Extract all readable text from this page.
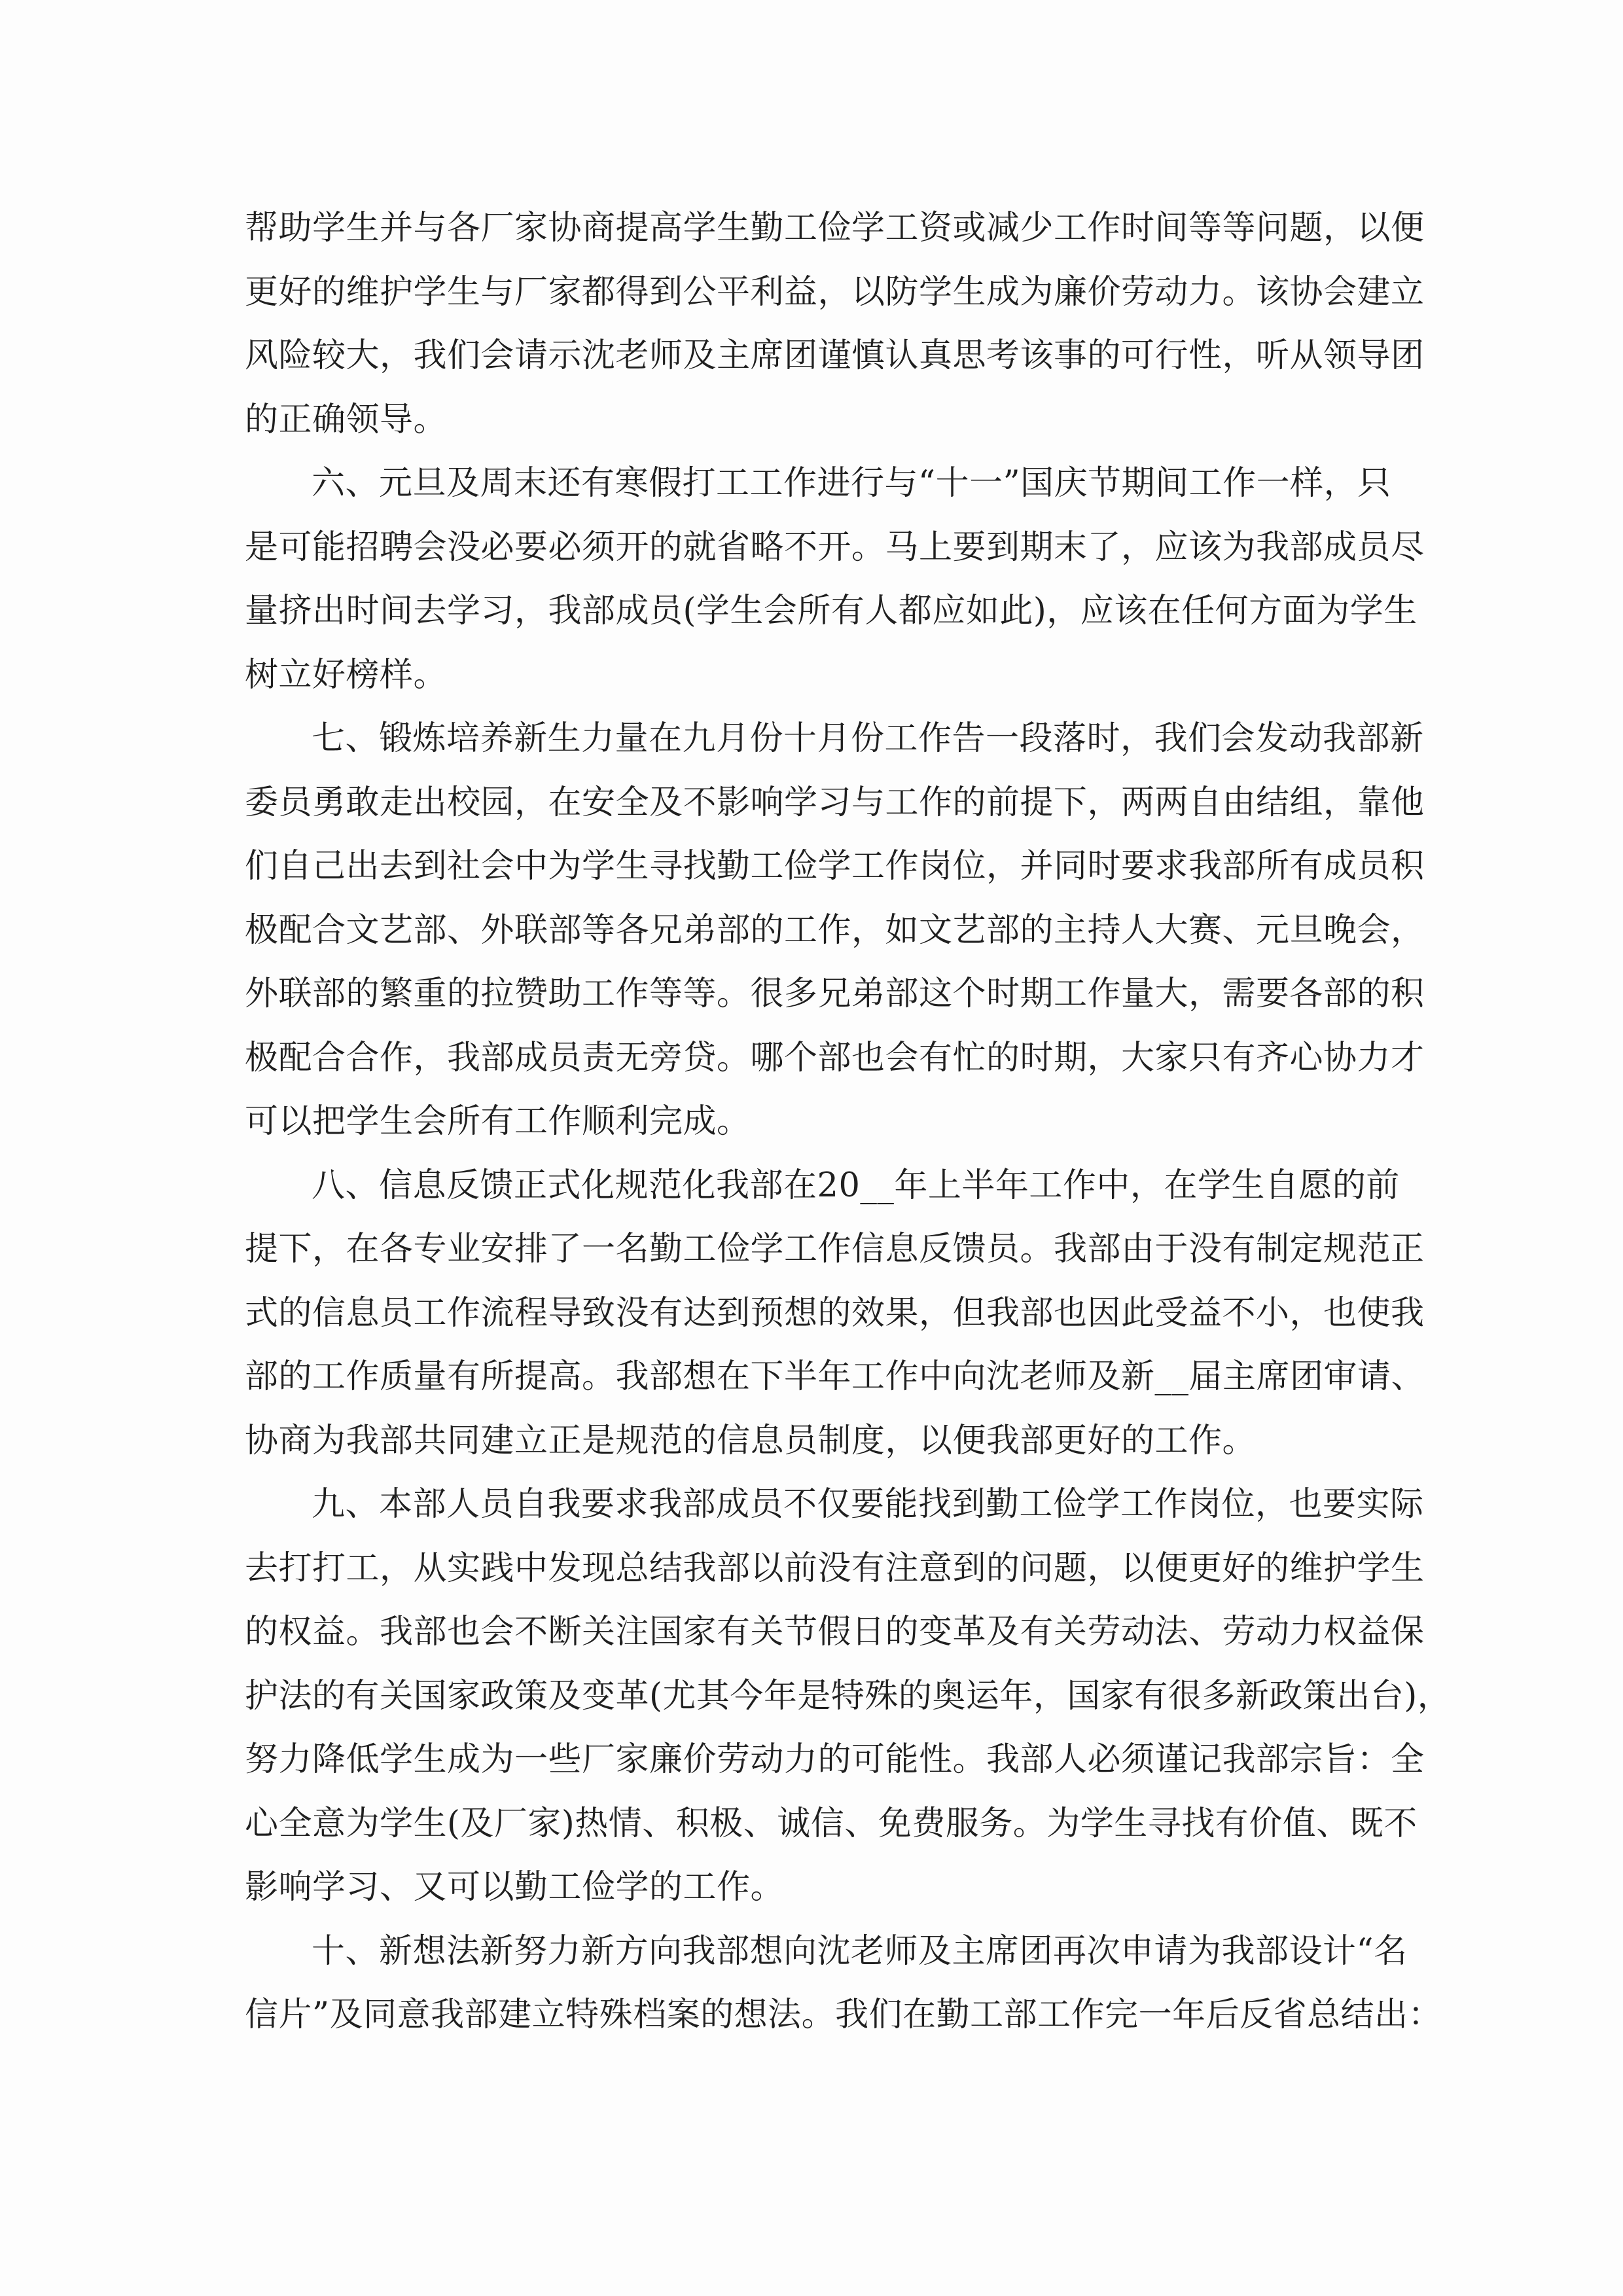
帮助学生并与各厂家协商提高学生勤工俭学工资或减少工作时间等等问题，以便
更好的维护学生与厂家都得到公平利益，以防学生成为廉价劳动力。该协会建立
风险较大，我们会请示沈老师及主席团谨慎认真思考该事的可行性，听从领导团
的正确领导。
六、元旦及周末还有寒假打工工作进行与“十一”国庆节期间工作一样，只
是可能招聘会没必要必须开的就省略不开。马上要到期末了，应该为我部成员尽
量挤出时间去学习，我部成员(学生会所有人都应如此)，应该在任何方面为学生
树立好榜样。
七、锻炼培养新生力量在九月份十月份工作告一段落时，我们会发动我部新
委员勇敢走出校园，在安全及不影响学习与工作的前提下，两两自由结组，靠他
们自己出去到社会中为学生寻找勤工俭学工作岗位，并同时要求我部所有成员积
极配合文艺部、外联部等各兄弟部的工作，如文艺部的主持人大赛、元旦晚会，
外联部的繁重的拉赞助工作等等。很多兄弟部这个时期工作量大，需要各部的积
极配合合作，我部成员责无旁贷。哪个部也会有忙的时期，大家只有齐心协力才
可以把学生会所有工作顺利完成。
八、信息反馈正式化规范化我部在20__年上半年工作中，在学生自愿的前
提下，在各专业安排了一名勤工俭学工作信息反馈员。我部由于没有制定规范正
式的信息员工作流程导致没有达到预想的效果，但我部也因此受益不小，也使我
部的工作质量有所提高。我部想在下半年工作中向沈老师及新__届主席团审请、
协商为我部共同建立正是规范的信息员制度，以便我部更好的工作。
九、本部人员自我要求我部成员不仅要能找到勤工俭学工作岗位，也要实际
去打打工，从实践中发现总结我部以前没有注意到的问题，以便更好的维护学生
的权益。我部也会不断关注国家有关节假日的变革及有关劳动法、劳动力权益保
护法的有关国家政策及变革(尤其今年是特殊的奥运年，国家有很多新政策出台)，
努力降低学生成为一些厂家廉价劳动力的可能性。我部人必须谨记我部宗旨：全
心全意为学生(及厂家)热情、积极、诚信、免费服务。为学生寻找有价值、既不
影响学习、又可以勤工俭学的工作。
十、新想法新努力新方向我部想向沈老师及主席团再次申请为我部设计“名
信片”及同意我部建立特殊档案的想法。我们在勤工部工作完一年后反省总结出：
